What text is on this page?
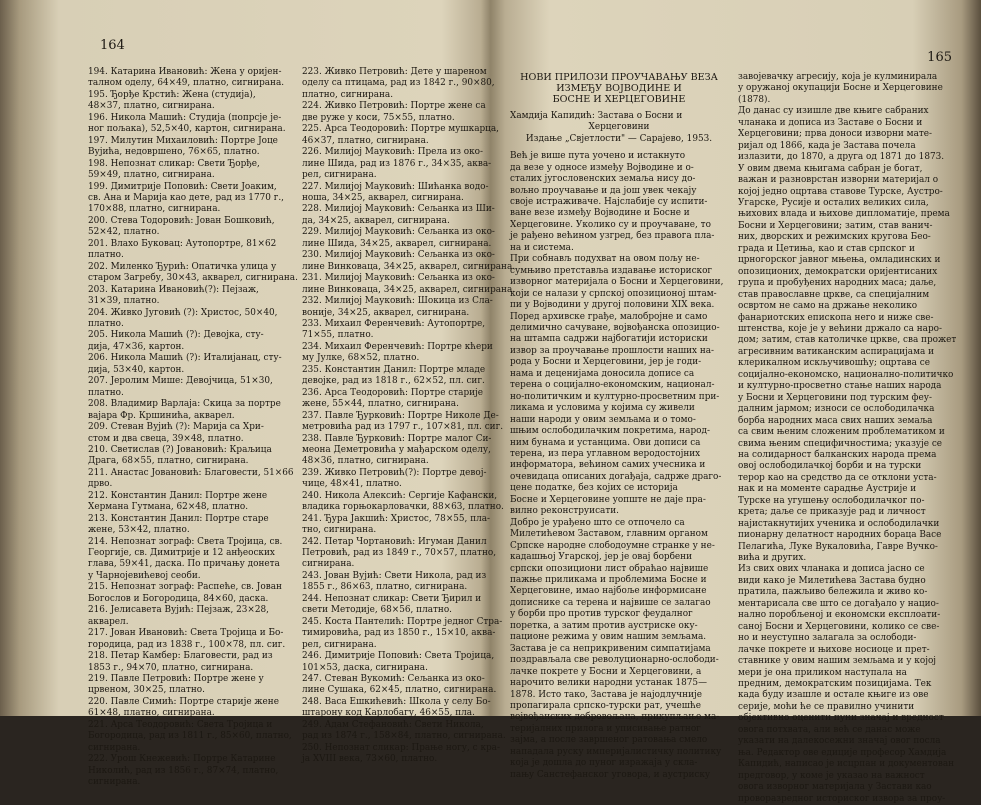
164

194. Катарина Ивановић: Жена у оријен-

талном оделу, 64×49, платно, сигнирана.

195. Ђорђе Крстић: Жена (студија),

48×37, платно, сигнирана.

196. Никола Машић: Студија (попрсје је-

ног пољака), 52,5×40, картон, сигнирана.

197. Милутин Михаиловић: Портре Јоце

Вујића, недовршено, 76×65, платно.

198. Непознат сликар: Свети Ђорђе,

59×49, платно, сигнирана.

199. Димитрије Поповић: Свети Јоаким,

св. Ана и Марија као дете, рад из 1770 г.,

170×88, платно, сигнирана.

200. Стева Тодоровић: Јован Бошковић,

52×42, платно.

201. Влахо Буковац: Аутопортре, 81×62

платно.

202. Миленко Ђурић: Опатичка улица у

старом Загребу, 30×43, акварел, сигнирана.

203. Катарина Ивановић(?): Пејзаж,

31×39, платно.

204. Живко Југовић (?): Христос, 50×40,

платно.

205. Никола Машић (?): Девојка, сту-

дија, 47×36, картон.

206. Никола Машић (?): Италијанац, сту-

дија, 53×40, картон.

207. Јеролим Мише: Девојчица, 51×30,

платно.

208. Владимир Варлаја: Скица за портре

вајара Фр. Кршинића, акварел.

209. Стеван Вујић (?): Марија са Хри-

стом и два свеца, 39×48, платно.

210. Светислав (?) Јовановић: Краљица

Драга, 68×55, платно, сигнирана.

211. Анастас Јовановић: Благовести, 51×66

дрво.

212. Константин Данил: Портре жене

Хермана Гутмана, 62×48, платно.

213. Константин Данил: Портре старе

жене, 53×42, платно.

214. Непознат зограф: Света Тројица, св.

Георгије, св. Димитрије и 12 анђеоских

глава, 59×41, даска. По причању донета

у Чарнојевићевој сеоби.

215. Непознат зограф: Распеће, св. Јован

Богослов и Богородица, 84×60, даска.

216. Јелисавета Вујић: Пејзаж, 23×28,

акварел.

217. Јован Ивановић: Света Тројица и Бо-

городица, рад из 1838 г., 100×78, пл. сиг.

218. Петар Камбер: Благовести, рад из

1853 г., 94×70, платно, сигнирана.

219. Павле Петровић: Портре жене у

црвеном, 30×25, платно.

220. Павле Симић: Портре старије жене

61×48, платно, сигнирана.

221. Арса Теодоровић: Света Тројица и

Богородица, рад из 1811 г., 85×60, платно,

сигнирана.

222. Урош Кнежевић: Портре Катарине

Николић, рад из 1856 г., 87×74, платно,

сигнирана.

223. Живко Петровић: Дете у шареном

оделу са птицама, рад из 1842 г., 90×80,

платно, сигнирана.

224. Живко Петровић: Портре жене са

две руже у коси, 75×55, платно.

225. Арса Теодоровић: Портре мушкарца,

46×37, платно, сигнирана.

226. Милијој Мауковић: Прела из око-

лине Шида, рад из 1876 г., 34×35, аква-

рел, сигнирана.

227. Милијој Мауковић: Шићанка водо-

ноша, 34×25, акварел, сигнирана.

228. Милијој Мауковић: Сељанка из Ши-

да, 34×25, акварел, сигнирана.

229. Милијој Мауковић: Сељанка из око-

лине Шида, 34×25, акварел, сигнирана.

230. Милијој Мауковић: Сељанка из око-

лине Винковаца, 34×25, акварел, сигнирана.

231. Милијој Мауковић: Сељанка из око-

лине Винковаца, 34×25, акварел, сигнирана.

232. Милијој Мауковић: Шокица из Сла-

воније, 34×25, акварел, сигнирана.

233. Михаил Ференчевић: Аутопортре,

71×55, платно.

234. Михаил Ференчевић: Портре кћери

му Јулке, 68×52, платно.

235. Константин Данил: Портре младе

девојке, рад из 1818 г., 62×52, пл. сиг.

236. Арса Теодоровић: Портре старије

жене, 55×44, платно, сигнирана.

237. Павле Ђурковић: Портре Николе Де-

метровића рад из 1797 г., 107×81, пл. сиг.

238. Павле Ђурковић: Портре малог Си-

меона Деметровића у мађарском оделу,

48×36, платно, сигнирана.

239. Живко Петровић(?): Портре девој-

чице, 48×41, платно.

240. Никола Алексић: Сергије Кафански,

владика горњокарловачки, 88×63, платно.

241. Ђура Јакшић: Христос, 78×55, пла-

тно, сигнирана.

242. Петар Чортановић: Игуман Данил

Петровић, рад из 1849 г., 70×57, платно,

сигнирана.

243. Јован Вујић: Свети Никола, рад из

1855 г., 86×63, платно, сигнирана.

244. Непознат сликар: Свети Ђирил и

свети Методије, 68×56, платно.

245. Коста Пантелић: Портре једног Стра-

тимировића, рад из 1850 г., 15×10, аква-

рел, сигнирана.

246. Димитрије Поповић: Света Тројица,

101×53, даска, сигнирана.

247. Стеван Вукомић: Сељанка из око-

лине Сушака, 62×45, платно, сигнирана.

248. Васа Ешкићевић: Школа у селу Бо-

штарону код Карлобагу, 46×55, пла.

249. Адам Стефановић: Свети Никола,

рад из 1874 г., 158×84, платно, сигнирана.

250. Непознат сликар: Прање ногу, с кра-

ја XVIII века, 73×60, платно.

165

НОВИ ПРИЛОЗИ ПРОУЧАВАЊУ ВЕЗА

ИЗМЕЂУ ВОЈВОДИНЕ И

БОСНЕ И ХЕРЦЕГОВИНЕ

Хамдија Капидић: Застава о Босни и

Херцеговини

Издање „Свјетлости" — Сарајево, 1953.

Већ је више пута уочено и истакнуто

да везе у односе између Војводине и о-

сталих југословенских земаља нису до-

вољно проучавање и да још увек чекају

своје истраживаче. Најслабије су испити-

ване везе између Војводине и Босне и

Херцеговине. Уколико су и проучаване, то

је рађено већином узгред, без правога пла-

на и система.

При собнављ подухват на овом пољу не-

сумњиво претставља издавање историског

изворног материјала о Босни и Херцеговини,

који се налази у српској опозиционој штам-

пи у Војводини у другој половини XIX века.

Поред архивске грађе, малобројне и само

делимично сачуване, војвођанска опозицио-

на штампа садржи најбогатији историски

извор за проучавање прошлости наших на-

рода у Босни и Херцеговини, јер је годи-

нама и деценијама доносила дописе са

терена о социјално-економским, национал-

но-политичким и културно-просветним при-

ликама и условима у којима су живели

наши народи у овим земљама и о томо-

шњим ослободилачким покретима, народ-

ним бунама и устанцима. Ови дописи са

терена, из пера углавном веродостојних

информатора, већином самих учесника и

очевидаца описаних догађаја, садрже драго-

цене податке, без којих се историја

Босне и Херцеговине уопште не даје пра-

вилно реконструисати.

Добро је урађено што се отпочело са

Милетићевом Заставом, главним органом

Српске народне слободоумне странке у не-

кадашњој Угарској, јер је овај борбени

српски опозициони лист обраћао највише

пажње приликама и проблемима Босне и

Херцеговине, имао најбоље информисане

дописнике са терена и највише се залагао

у борби про против турског феудалног

поретка, а затим против аустриске оку-

пационе режима у овим нашим земљама.

Застава је са неприкривеним симпатијама

поздрављала све револуционарно-ослободи-

лачке покрете у Босни и Херцеговини, а

нарочито велики народни устанак 1875—

1878. Исто тако, Застава је најодлучније

пропагирала српско-турски рат, учешће

војвођанских добровољаца, прикупљање ма-

теријалних прилога и уписивање ратног

зајма, а после завршеног ратовања смело

нападала руску империјалистичку политику

која је дошла до пуног изражаја у скла-

пању Санстефанског уговора, и аустриску

завојевачку агресију, која је кулминирала

у оружаној окупацији Босне и Херцеговине

(1878).

До данас су изишле две књиге сабраних

чланака и дописа из Заставе о Босни и

Херцеговини; прва доноси изворни мате-

ријал од 1866, када је Застава почела

излазити, до 1870, а друга од 1871 до 1873.

У овим двема књигама сабран је богат,

важан и разноврстан изворни материјал о

којој једно оцртава ставове Турске, Аустро-

Угарске, Русије и осталих великих сила,

њихових влада и њихове дипломатије, према

Босни и Херцеговини; затим, став ванич-

них, дворских и режимских кругова Бео-

града и Цетиња, као и став српског и

црногорског јавног мњења, омладинских и

опозиционих, демократски оријентисаних

група и пробуђених народних маса; даље,

став православне цркве, са специјалним

освртом не само на држање неколико

фанариотских епископа него и ниже све-

штенства, које је у већини држало са наро-

дом; затим, став католичке цркве, сва прожет

агресивним ватиканским аспирацијама и

клерикалном искључивошћу; оцртава се

социјално-економско, национално-политичко

и културно-просветно стање наших народа

у Босни и Херцеговини под турским феу-

далним јармом; износи се ослободилачка

борба народних маса свих наших земаља

са свим њеним сложеним проблематиком и

свима њеним специфичностима; указује се

на солидарност балканских народа према

овој ослободилачкој борби и на турски

терор као на средство да се отклони уста-

нак и на моменте сарадње Аустрије и

Турске на угушењу ослободилачког по-

крета; даље се приказује рад и личност

најистакнутијих ученика и ослободилачки

пионарну делатност народних бораца Васе

Пелагића, Луке Вукаловића, Гавре Вучко-

вића и других.

Из свих ових чланака и дописа јасно се

види како је Милетићева Застава будно

пратила, пажљиво бележила и живо ко-

ментарисала све што се догађало у нацио-

нално поробљеној и економски експлоати-

саној Босни и Херцеговини, колико се све-

но и неуступно залагала за ослободи-

лачке покрете и њихове носиоце и прет-

ставнике у овим нашим земљама и у којој

мери је она приликом наступала на

предним, демократским позицијама. Тек

када буду изашле и остале књиге из ове

серије, моћи ће се правилно учинити

објективно оценити пуни значај и вредност

овога потхвата, али већ се данас може

указати на далекосежни значај овог посла

ња. Редактор ове едиције професор Хамдија

Капидић, написао је исцрпан и документован

предговор, у коме је указао на важност

овога изворног материјала у Застави као

проворазредног историског извора за проу-
